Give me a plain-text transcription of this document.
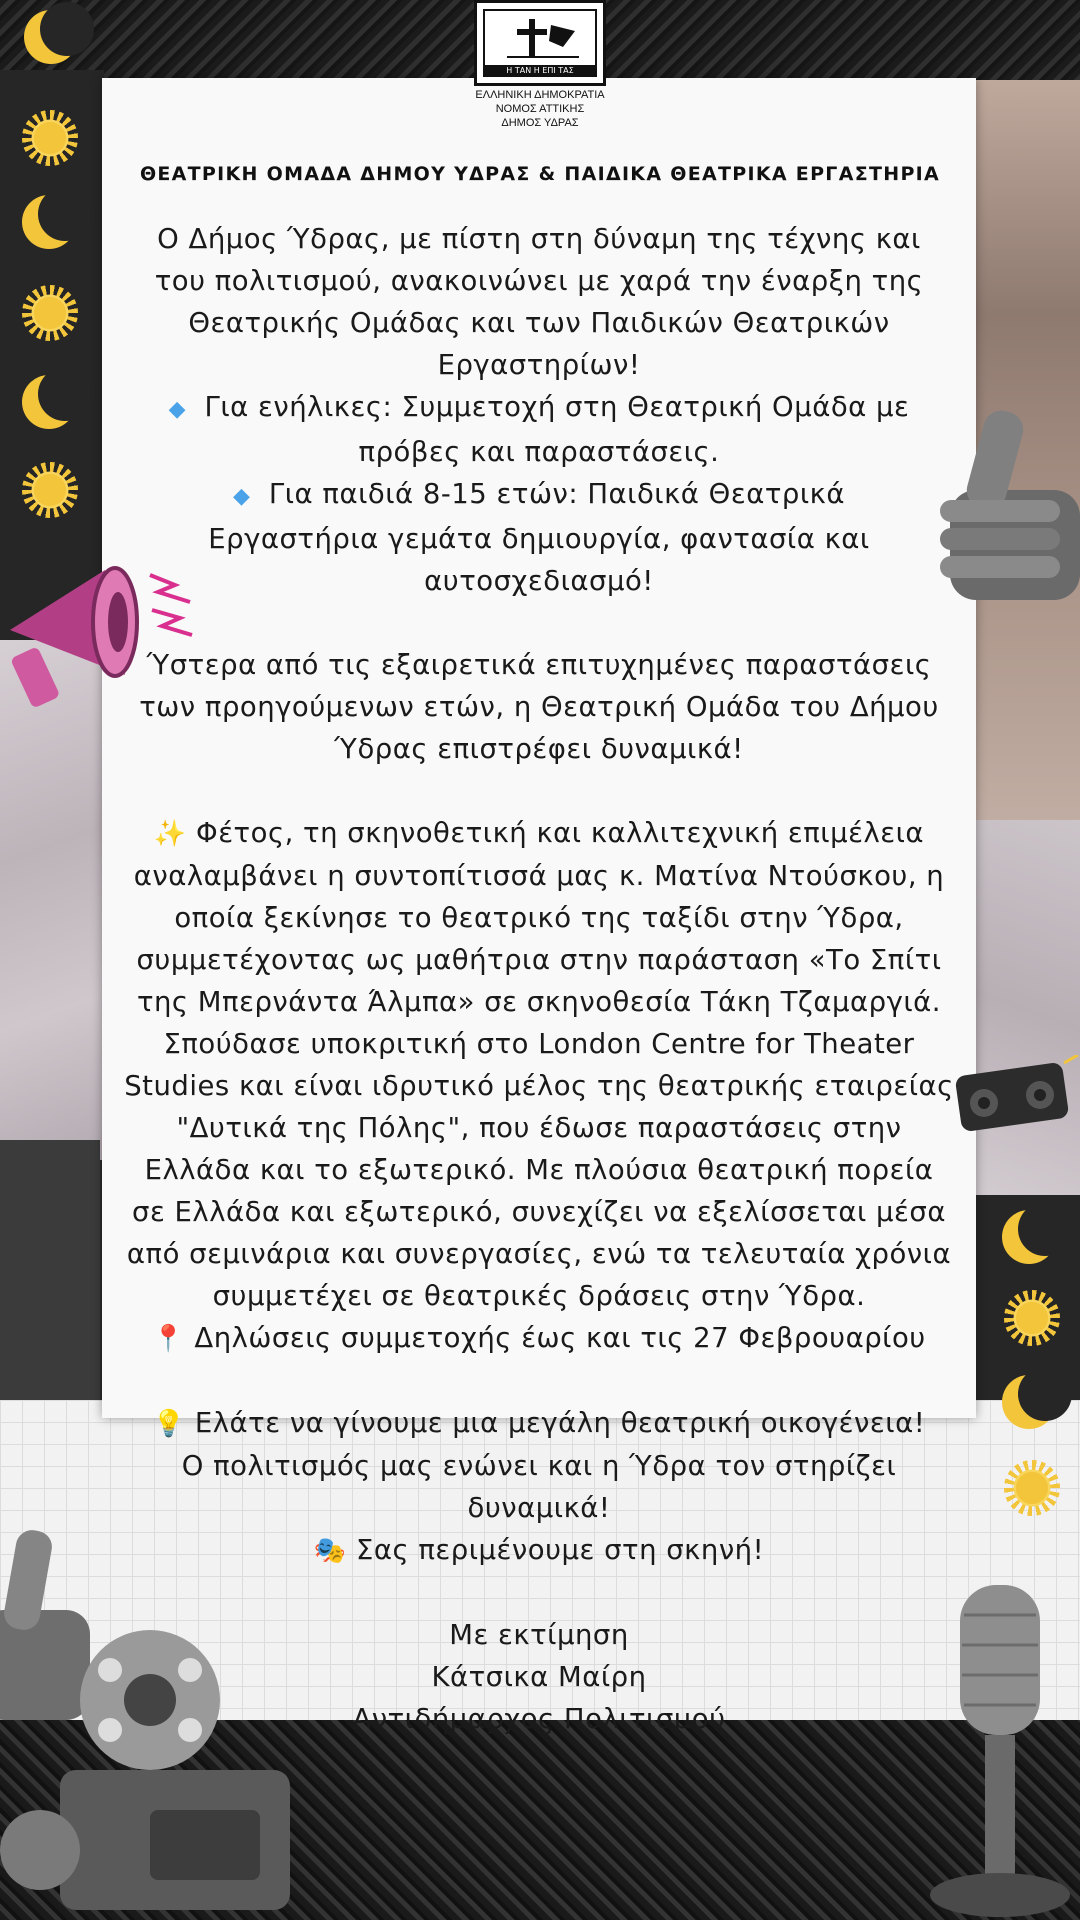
Η ΤΑΝ Η ΕΠΙ ΤΑΣ
ΕΛΛΗΝΙΚΗ ΔΗΜΟΚΡΑΤΙΑ
ΝΟΜΟΣ ΑΤΤΙΚΗΣ
ΔΗΜΟΣ ΥΔΡΑΣ
ΘΕΑΤΡΙΚΗ ΟΜΑΔΑ ΔΗΜΟΥ ΥΔΡΑΣ & ΠΑΙΔΙΚΑ ΘΕΑΤΡΙΚΑ ΕΡΓΑΣΤΗΡΙΑ

Ο Δήμος Ύδρας, με πίστη στη δύναμη της τέχνης και

του πολιτισμού, ανακοινώνει με χαρά την έναρξη της

Θεατρικής Ομάδας και των Παιδικών Θεατρικών

Εργαστηρίων!

◆ Για ενήλικες: Συμμετοχή στη Θεατρική Ομάδα με

πρόβες και παραστάσεις.

◆ Για παιδιά 8-15 ετών: Παιδικά Θεατρικά

Εργαστήρια γεμάτα δημιουργία, φαντασία και

αυτοσχεδιασμό!

Ύστερα από τις εξαιρετικά επιτυχημένες παραστάσεις

των προηγούμενων ετών, η Θεατρική Ομάδα του Δήμου

Ύδρας επιστρέφει δυναμικά!

✨ Φέτος, τη σκηνοθετική και καλλιτεχνική επιμέλεια

αναλαμβάνει η συντοπίτισσά μας κ. Ματίνα Ντούσκου, η

οποία ξεκίνησε το θεατρικό της ταξίδι στην Ύδρα,

συμμετέχοντας ως μαθήτρια στην παράσταση «Το Σπίτι

της Μπερνάντα Άλμπα» σε σκηνοθεσία Τάκη Τζαμαργιά.

Σπούδασε υποκριτική στο London Centre for Theater

Studies και είναι ιδρυτικό μέλος της θεατρικής εταιρείας

"Δυτικά της Πόλης", που έδωσε παραστάσεις στην

Ελλάδα και το εξωτερικό. Με πλούσια θεατρική πορεία

σε Ελλάδα και εξωτερικό, συνεχίζει να εξελίσσεται μέσα

από σεμινάρια και συνεργασίες, ενώ τα τελευταία χρόνια

συμμετέχει σε θεατρικές δράσεις στην Ύδρα.

📍 Δηλώσεις συμμετοχής έως και τις 27 Φεβρουαρίου

💡 Ελάτε να γίνουμε μια μεγάλη θεατρική οικογένεια!

Ο πολιτισμός μας ενώνει και η Ύδρα τον στηρίζει

δυναμικά!

🎭 Σας περιμένουμε στη σκηνή!

Με εκτίμηση

Κάτσικα Μαίρη

Αντιδήμαρχος Πολιτισμού
